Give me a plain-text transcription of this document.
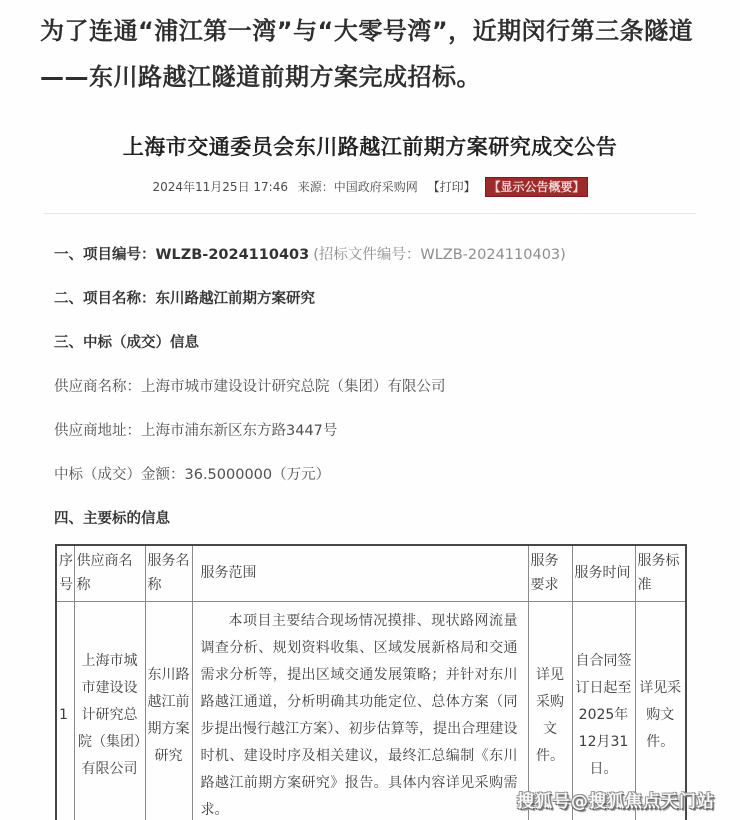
为了连通“浦江第一湾”与“大零号湾”，近期闵行第三条隧道——东川路越江隧道前期方案完成招标。

上海市交通委员会东川路越江前期方案研究成交公告
2024年11月25日 17:46 来源：中国政府采购网 【打印】 【显示公告概要】

一、项目编号：WLZB-2024110403 (招标文件编号：WLZB-2024110403)

二、项目名称：东川路越江前期方案研究

三、中标（成交）信息

供应商名称：上海市城市建设设计研究总院（集团）有限公司

供应商地址：上海市浦东新区东方路3447号

中标（成交）金额：36.5000000（万元）

四、主要标的信息

序号	供应商名称	服务名称	服务范围	服务要求	服务时间	服务标准
1	上海市城市建设设计研究总院（集团）有限公司	东川路越江前期方案研究	本项目主要结合现场情况摸排、现状路网流量调查分析、规划资料收集、区域发展新格局和交通需求分析等，提出区域交通发展策略；并针对东川路越江通道，分析明确其功能定位、总体方案（同步提出慢行越江方案）、初步估算等，提出合理建设时机、建设时序及相关建议，最终汇总编制《东川路越江前期方案研究》报告。具体内容详见采购需求。	详见采购文件。	自合同签订日起至2025年12月31日。	详见采购文件。

搜狐号@搜狐焦点天门站
